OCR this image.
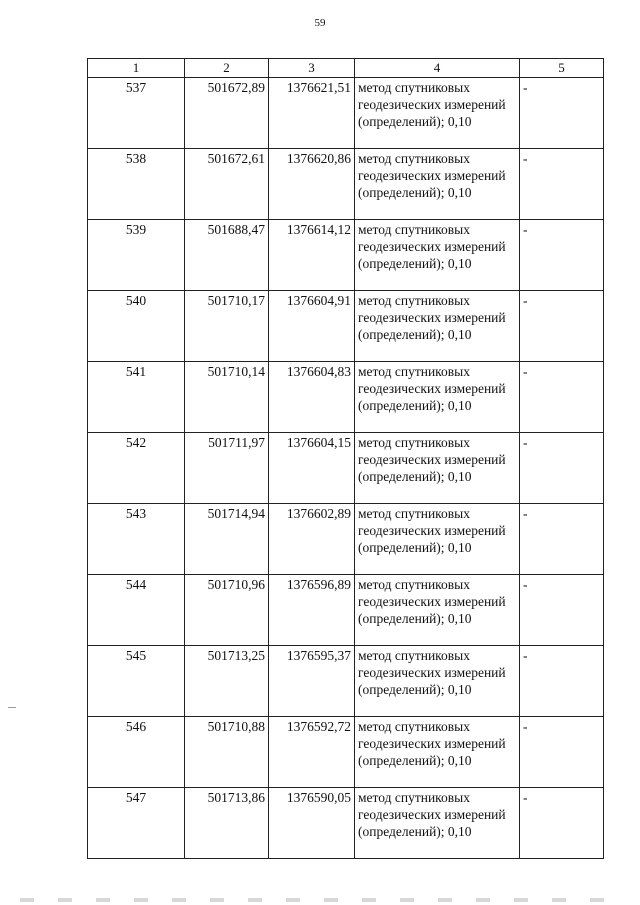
59
1	2	3	4	5
537	501672,89	1376621,51	метод спутниковых геодезических измерений (определений); 0,10	-
538	501672,61	1376620,86	метод спутниковых геодезических измерений (определений); 0,10	-
539	501688,47	1376614,12	метод спутниковых геодезических измерений (определений); 0,10	-
540	501710,17	1376604,91	метод спутниковых геодезических измерений (определений); 0,10	-
541	501710,14	1376604,83	метод спутниковых геодезических измерений (определений); 0,10	-
542	501711,97	1376604,15	метод спутниковых геодезических измерений (определений); 0,10	-
543	501714,94	1376602,89	метод спутниковых геодезических измерений (определений); 0,10	-
544	501710,96	1376596,89	метод спутниковых геодезических измерений (определений); 0,10	-
545	501713,25	1376595,37	метод спутниковых геодезических измерений (определений); 0,10	-
546	501710,88	1376592,72	метод спутниковых геодезических измерений (определений); 0,10	-
547	501713,86	1376590,05	метод спутниковых геодезических измерений (определений); 0,10	-
